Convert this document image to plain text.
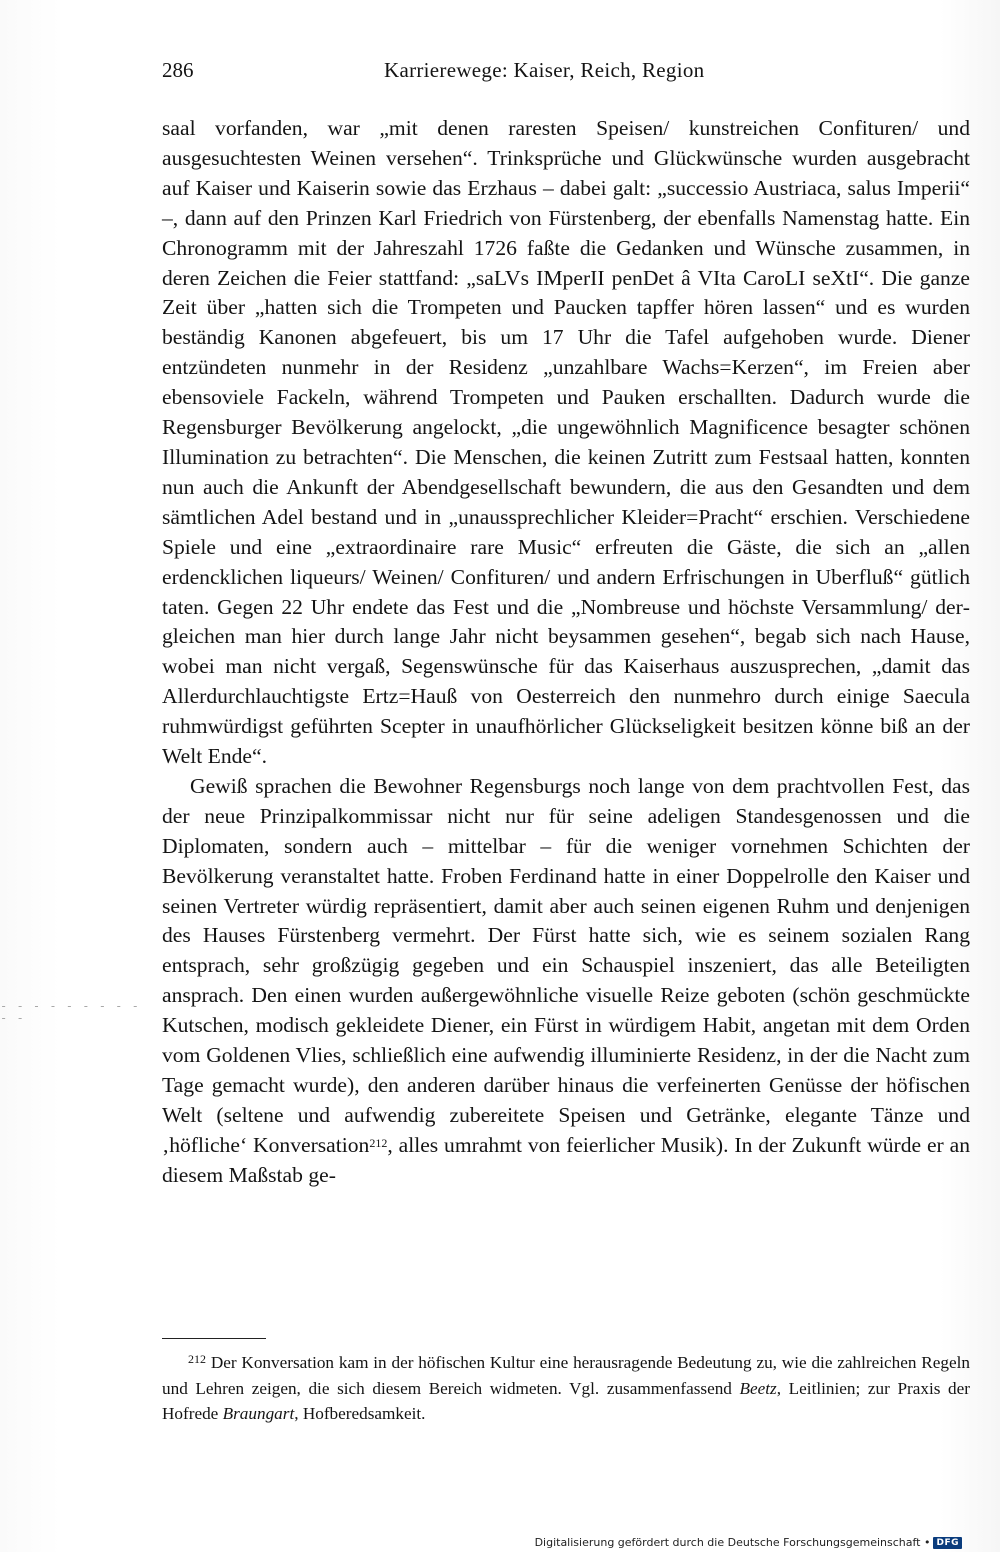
286	Karrierewege: Kaiser, Reich, Region

saal vorfanden, war „mit denen raresten Speisen/ kunstreichen Confituren/ und ausgesuchtesten Weinen versehen“. Trinksprüche und Glückwünsche wurden ausgebracht auf Kaiser und Kaiserin sowie das Erzhaus – dabei galt: „successio Austriaca, salus Imperii“ –, dann auf den Prinzen Karl Friedrich von Fürstenberg, der ebenfalls Namenstag hatte. Ein Chronogramm mit der Jahreszahl 1726 faßte die Gedanken und Wünsche zusammen, in deren Zeichen die Feier stattfand: „saLVs IMperII penDet â VIta CaroLI seXtI“. Die ganze Zeit über „hatten sich die Trompeten und Paucken tapffer hören lassen“ und es wurden beständig Kanonen abgefeuert, bis um 17 Uhr die Tafel aufgehoben wurde. Diener entzündeten nunmehr in der Residenz „unzahlbare Wachs=Kerzen“, im Freien aber ebensoviele Fackeln, während Trompeten und Pauken erschallten. Dadurch wurde die Regensburger Bevölkerung angelockt, „die ungewöhnlich Magnificence besagter schönen Illumination zu betrachten“. Die Menschen, die keinen Zutritt zum Festsaal hatten, konnten nun auch die Ankunft der Abendgesellschaft bewundern, die aus den Gesandten und dem sämtlichen Adel bestand und in „unaussprechlicher Kleider=Pracht“ erschien. Verschiedene Spiele und eine „extraordinaire rare Music“ erfreuten die Gäste, die sich an „allen erdencklichen liqueurs/ Weinen/ Confituren/ und andern Erfrischungen in Uberfluß“ gütlich taten. Gegen 22 Uhr endete das Fest und die „Nombreuse und höchste Versammlung/ dergleichen man hier durch lange Jahr nicht beysammen gesehen“, begab sich nach Hause, wobei man nicht vergaß, Segenswünsche für das Kaiserhaus auszusprechen, „damit das Allerdurchlauchtigste Ertz=Hauß von Oesterreich den nunmehro durch einige Saecula ruhmwürdigst geführten Scepter in unaufhörlicher Glückseligkeit besitzen könne biß an der Welt Ende“.

Gewiß sprachen die Bewohner Regensburgs noch lange von dem prachtvollen Fest, das der neue Prinzipalkommissar nicht nur für seine adeligen Standesgenossen und die Diplomaten, sondern auch – mittelbar – für die weniger vornehmen Schichten der Bevölkerung veranstaltet hatte. Froben Ferdinand hatte in einer Doppelrolle den Kaiser und seinen Vertreter würdig repräsentiert, damit aber auch seinen eigenen Ruhm und denjenigen des Hauses Fürstenberg vermehrt. Der Fürst hatte sich, wie es seinem sozialen Rang entsprach, sehr großzügig gegeben und ein Schauspiel inszeniert, das alle Beteiligten ansprach. Den einen wurden außergewöhnliche visuelle Reize geboten (schön geschmückte Kutschen, modisch gekleidete Diener, ein Fürst in würdigem Habit, angetan mit dem Orden vom Goldenen Vlies, schließlich eine aufwendig illuminierte Residenz, in der die Nacht zum Tage gemacht wurde), den anderen darüber hinaus die verfeinerten Genüsse der höfischen Welt (seltene und aufwendig zubereitete Speisen und Getränke, elegante Tänze und ‚höfliche‘ Konversation$^{212}$, alles umrahmt von feierlicher Musik). In der Zukunft würde er an diesem Maßstab ge-

- - - - - - - - - - -

$^{212}$ Der Konversation kam in der höfischen Kultur eine herausragende Bedeutung zu, wie die zahlreichen Regeln und Lehren zeigen, die sich diesem Bereich widmeten. Vgl. zusammenfassend Beetz, Leitlinien; zur Praxis der Hofrede Braungart, Hofberedsamkeit.

Digitalisierung gefördert durch die Deutsche Forschungsgemeinschaft • DFG
